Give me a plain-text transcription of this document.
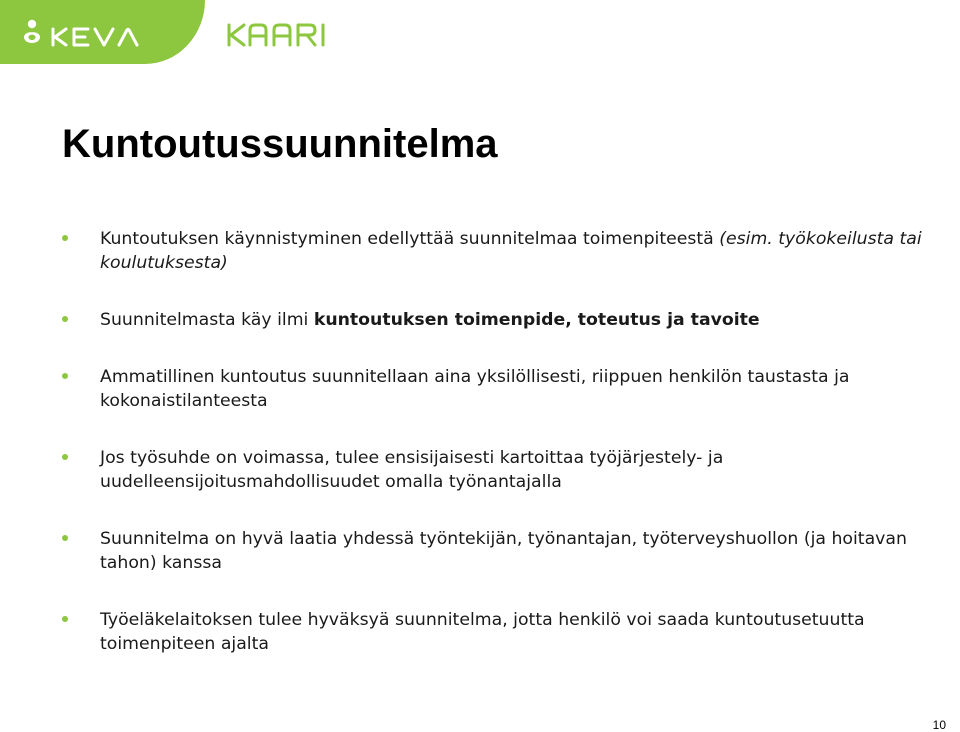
Kuntoutussuunnitelma
Kuntoutuksen käynnistyminen edellyttää suunnitelmaa toimenpiteestä (esim. työkokeilusta tai koulutuksesta)
Suunnitelmasta käy ilmi kuntoutuksen toimenpide, toteutus ja tavoite
Ammatillinen kuntoutus suunnitellaan aina yksilöllisesti, riippuen henkilön taustasta ja kokonaistilanteesta
Jos työsuhde on voimassa, tulee ensisijaisesti kartoittaa työjärjestely- ja uudelleensijoitusmahdollisuudet omalla työnantajalla
Suunnitelma on hyvä laatia yhdessä työntekijän, työnantajan, työterveyshuollon (ja hoitavan tahon) kanssa
Työeläkelaitoksen tulee hyväksyä suunnitelma, jotta henkilö voi saada kuntoutusetuutta toimenpiteen ajalta
10
